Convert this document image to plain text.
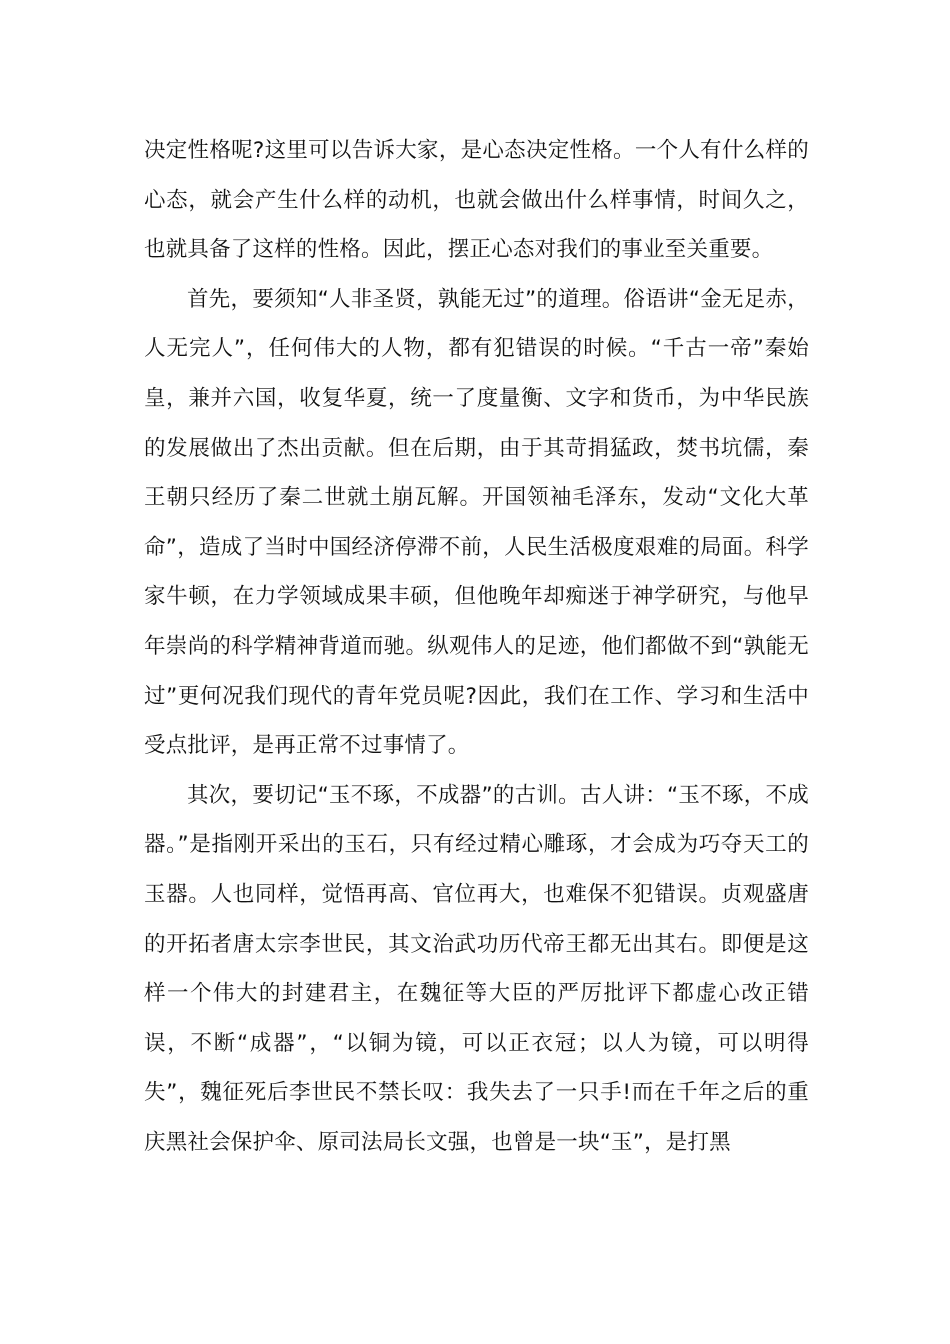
决定性格呢?这里可以告诉大家，是心态决定性格。一个人有什么样的心态，就会产生什么样的动机，也就会做出什么样事情，时间久之，也就具备了这样的性格。因此，摆正心态对我们的事业至关重要。

首先，要须知“人非圣贤，孰能无过”的道理。俗语讲“金无足赤，人无完人”，任何伟大的人物，都有犯错误的时候。“千古一帝”秦始皇，兼并六国，收复华夏，统一了度量衡、文字和货币，为中华民族的发展做出了杰出贡献。但在后期，由于其苛捐猛政，焚书坑儒，秦王朝只经历了秦二世就土崩瓦解。开国领袖毛泽东，发动“文化大革命”，造成了当时中国经济停滞不前，人民生活极度艰难的局面。科学家牛顿，在力学领域成果丰硕，但他晚年却痴迷于神学研究，与他早年崇尚的科学精神背道而驰。纵观伟人的足迹，他们都做不到“孰能无过”更何况我们现代的青年党员呢?因此，我们在工作、学习和生活中受点批评，是再正常不过事情了。

其次，要切记“玉不琢，不成器”的古训。古人讲：“玉不琢，不成器。”是指刚开采出的玉石，只有经过精心雕琢，才会成为巧夺天工的玉器。人也同样，觉悟再高、官位再大，也难保不犯错误。贞观盛唐的开拓者唐太宗李世民，其文治武功历代帝王都无出其右。即便是这样一个伟大的封建君主，在魏征等大臣的严厉批评下都虚心改正错误，不断“成器”，“以铜为镜，可以正衣冠；以人为镜，可以明得失”，魏征死后李世民不禁长叹：我失去了一只手!而在千年之后的重庆黑社会保护伞、原司法局长文强，也曾是一块“玉”，是打黑
